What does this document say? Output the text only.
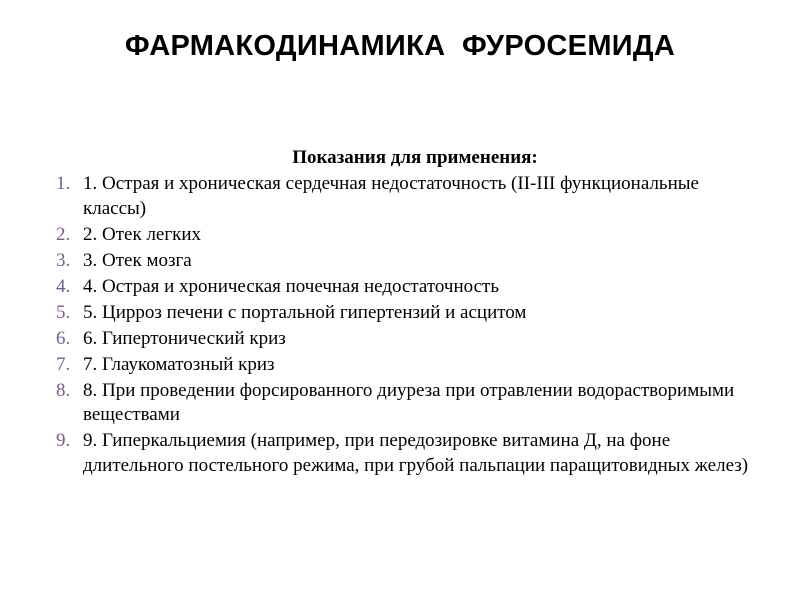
ФАРМАКОДИНАМИКА  ФУРОСЕМИДА
Показания для применения:
1. 1. Острая и хроническая сердечная недостаточность (II-III функциональные классы)
2. 2. Отек легких
3. 3. Отек мозга
4. 4. Острая и хроническая почечная недостаточность
5. 5. Цирроз печени с портальной гипертензий и асцитом
6. 6. Гипертонический криз
7. 7. Глаукоматозный криз
8. 8. При проведении форсированного диуреза при отравлении водорастворимыми веществами
9. 9. Гиперкальциемия (например, при передозировке витамина Д, на фоне длительного постельного режима, при грубой пальпации паращитовидных желез)
